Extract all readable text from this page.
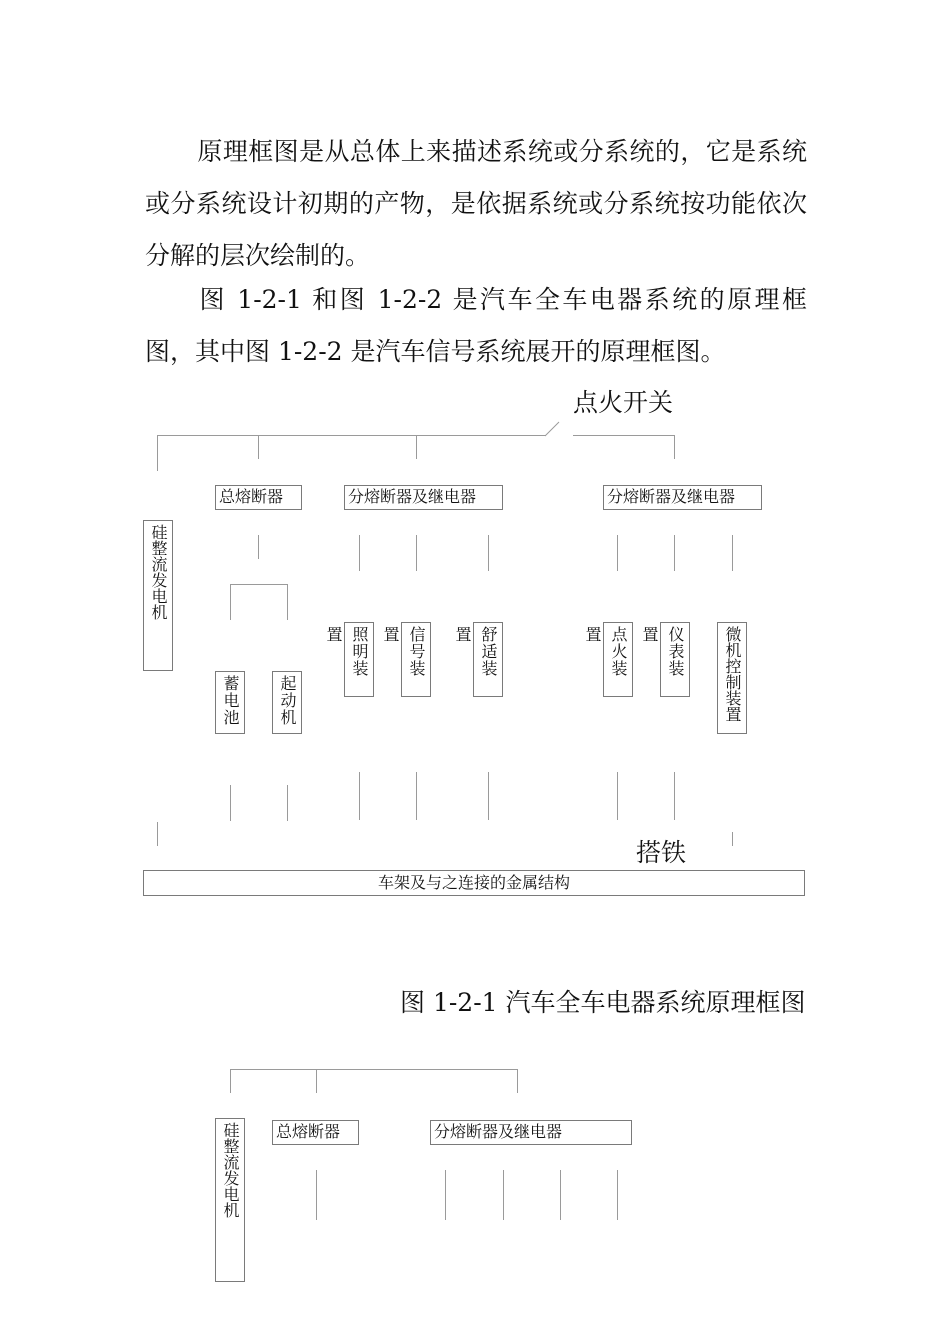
原理框图是从总体上来描述系统或分系统的，它是系统或分系统设计初期的产物，是依据系统或分系统按功能依次分解的层次绘制的。

图 1-2-1 和图 1-2-2 是汽车全车电器系统的原理框图，其中图 1-2-2 是汽车信号系统展开的原理框图。

点火开关
总熔断器	分熔断器及继电器	分熔断器及继电器
硅整流发电机
照明装置	信号装置	舒适装置	点火装置	仪表装置	微机控制装置
蓄电池	起动机
搭铁
车架及与之连接的金属结构
图 1-2-1 汽车全车电器系统原理框图
硅整流发电机	总熔断器	分熔断器及继电器
